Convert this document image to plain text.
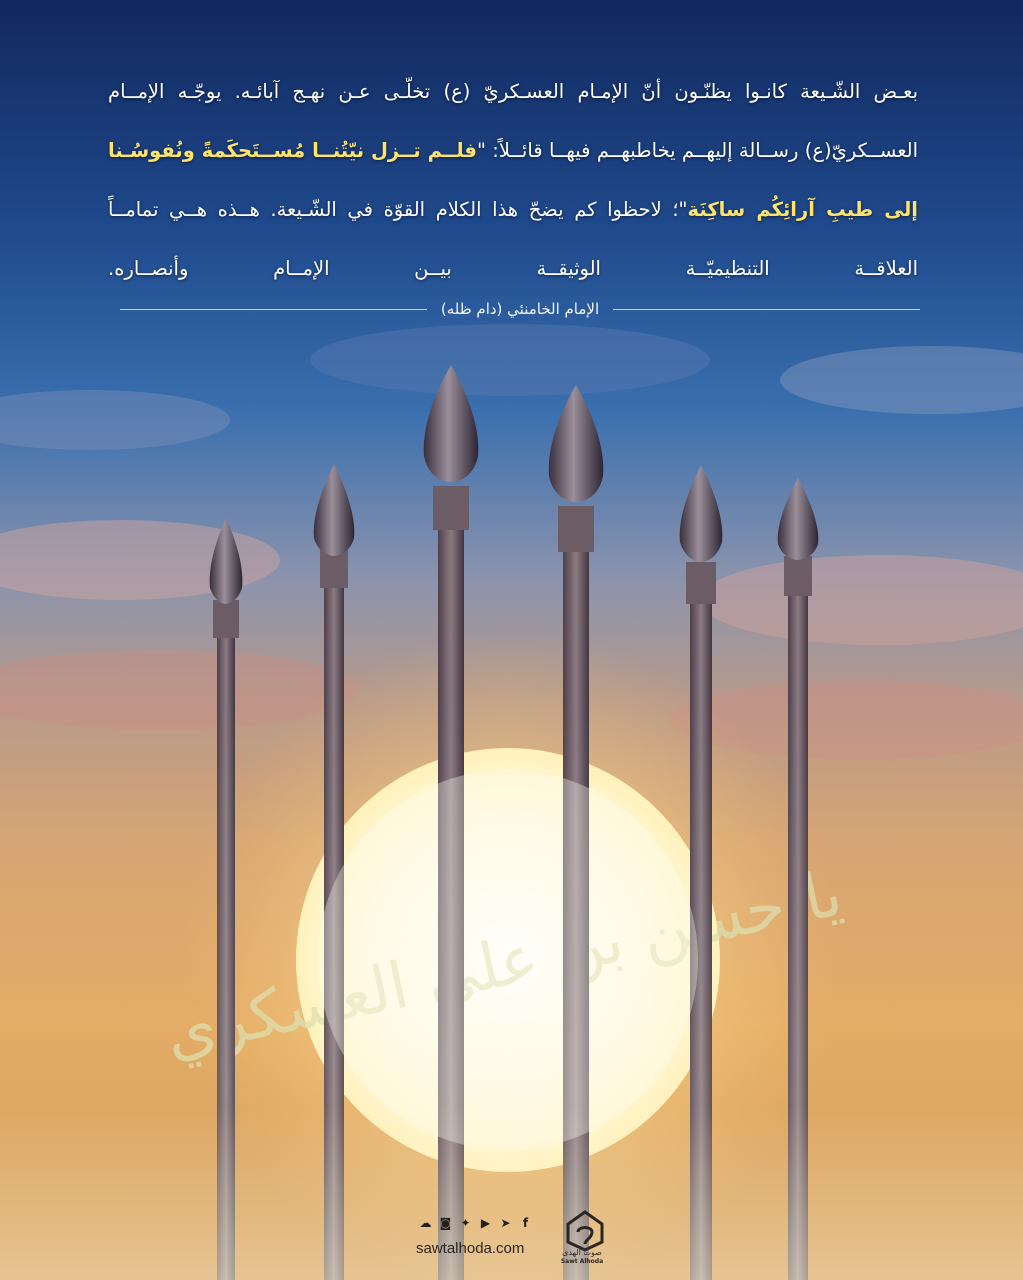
بعـض الشّـيعة كانـوا يظنّـون أنّ الإمـام العسـكريّ (ع) تخلّـى عـن نهـج آبائـه. يوجّـه الإمــام العســكريّ(ع) رســالة إليهــم يخاطبهــم فيهــا قائــلاً: "فلــم تــزل نيّتُنــا مُســتَحكَمةً ونُفوسُـنا إلى طيبِ آرائِكُم ساكِنَة"؛ لاحظوا كم يضحّ هذا الكلام القوّة في الشّـيعة. هــذه هــي تمامــاً العلاقــة التنظيميّــة الوثيقــة بيــن الإمــام وأنصــاره.
الإمام الخامنئي (دام ظله)
☁ ◙ ✦ ▶ ➤	f
sawtalhoda.com	صوت الهدى
Sawt Alhoda
